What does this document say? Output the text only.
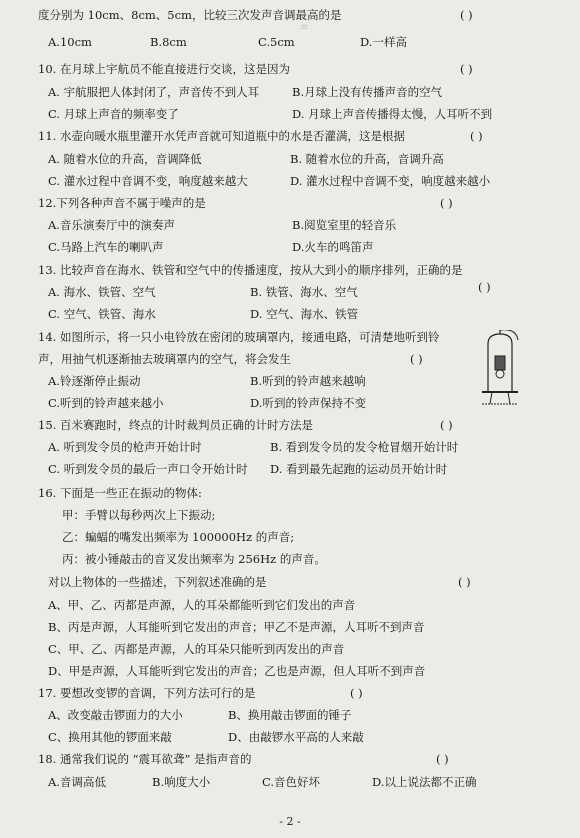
≡
度分别为 10cm、8cm、5cm，比较三次发声音调最高的是	( )
A.10cm	B.8cm	C.5cm	D.一样高
10. 在月球上宇航员不能直接进行交谈，这是因为	( )
A. 宇航服把人体封闭了，声音传不到人耳	B.月球上没有传播声音的空气
C. 月球上声音的频率变了	D. 月球上声音传播得太慢，人耳听不到
11. 水壶向暖水瓶里灌开水凭声音就可知道瓶中的水是否灌满，这是根据	( )
A. 随着水位的升高，音调降低	B. 随着水位的升高，音调升高
C. 灌水过程中音调不变，响度越来越大	D. 灌水过程中音调不变，响度越来越小
12.下列各种声音不属于噪声的是	( )
A.音乐演奏厅中的演奏声	B.阅览室里的轻音乐
C.马路上汽车的喇叭声	D.火车的鸣笛声
13. 比较声音在海水、铁管和空气中的传播速度，按从大到小的顺序排列，正确的是
( )
A. 海水、铁管、空气	B. 铁管、海水、空气
C. 空气、铁管、海水	D. 空气、海水、铁管
14. 如图所示，将一只小电铃放在密闭的玻璃罩内，接通电路，可清楚地听到铃
声，用抽气机逐渐抽去玻璃罩内的空气，将会发生	( )
A.铃逐渐停止振动	B.听到的铃声越来越响
C.听到的铃声越来越小	D.听到的铃声保持不变
15. 百米赛跑时，终点的计时裁判员正确的计时方法是	( )
A. 听到发令员的枪声开始计时	B. 看到发令员的发令枪冒烟开始计时
C. 听到发令员的最后一声口令开始计时 D. 看到最先起跑的运动员开始计时
16. 下面是一些正在振动的物体:
甲：手臂以每秒两次上下振动;
乙：蝙蝠的嘴发出频率为 100000Hz 的声音;
丙：被小锤敲击的音叉发出频率为 256Hz 的声音。
对以上物体的一些描述，下列叙述准确的是	( )
A、甲、乙、丙都是声源，人的耳朵都能听到它们发出的声音
B、丙是声源，人耳能听到它发出的声音；甲乙不是声源，人耳听不到声音
C、甲、乙、丙都是声源，人的耳朵只能听到丙发出的声音
D、甲是声源，人耳能听到它发出的声音；乙也是声源，但人耳听不到声音
17. 要想改变锣的音调，下列方法可行的是	( )
A、改变敲击锣面力的大小	B、换用敲击锣面的锤子
C、换用其他的锣面来敲	D、由敲锣水平高的人来敲
18. 通常我们说的 “震耳欲聋” 是指声音的	( )
A.音调高低	B.响度大小	C.音色好坏	D.以上说法都不正确
- 2 -
